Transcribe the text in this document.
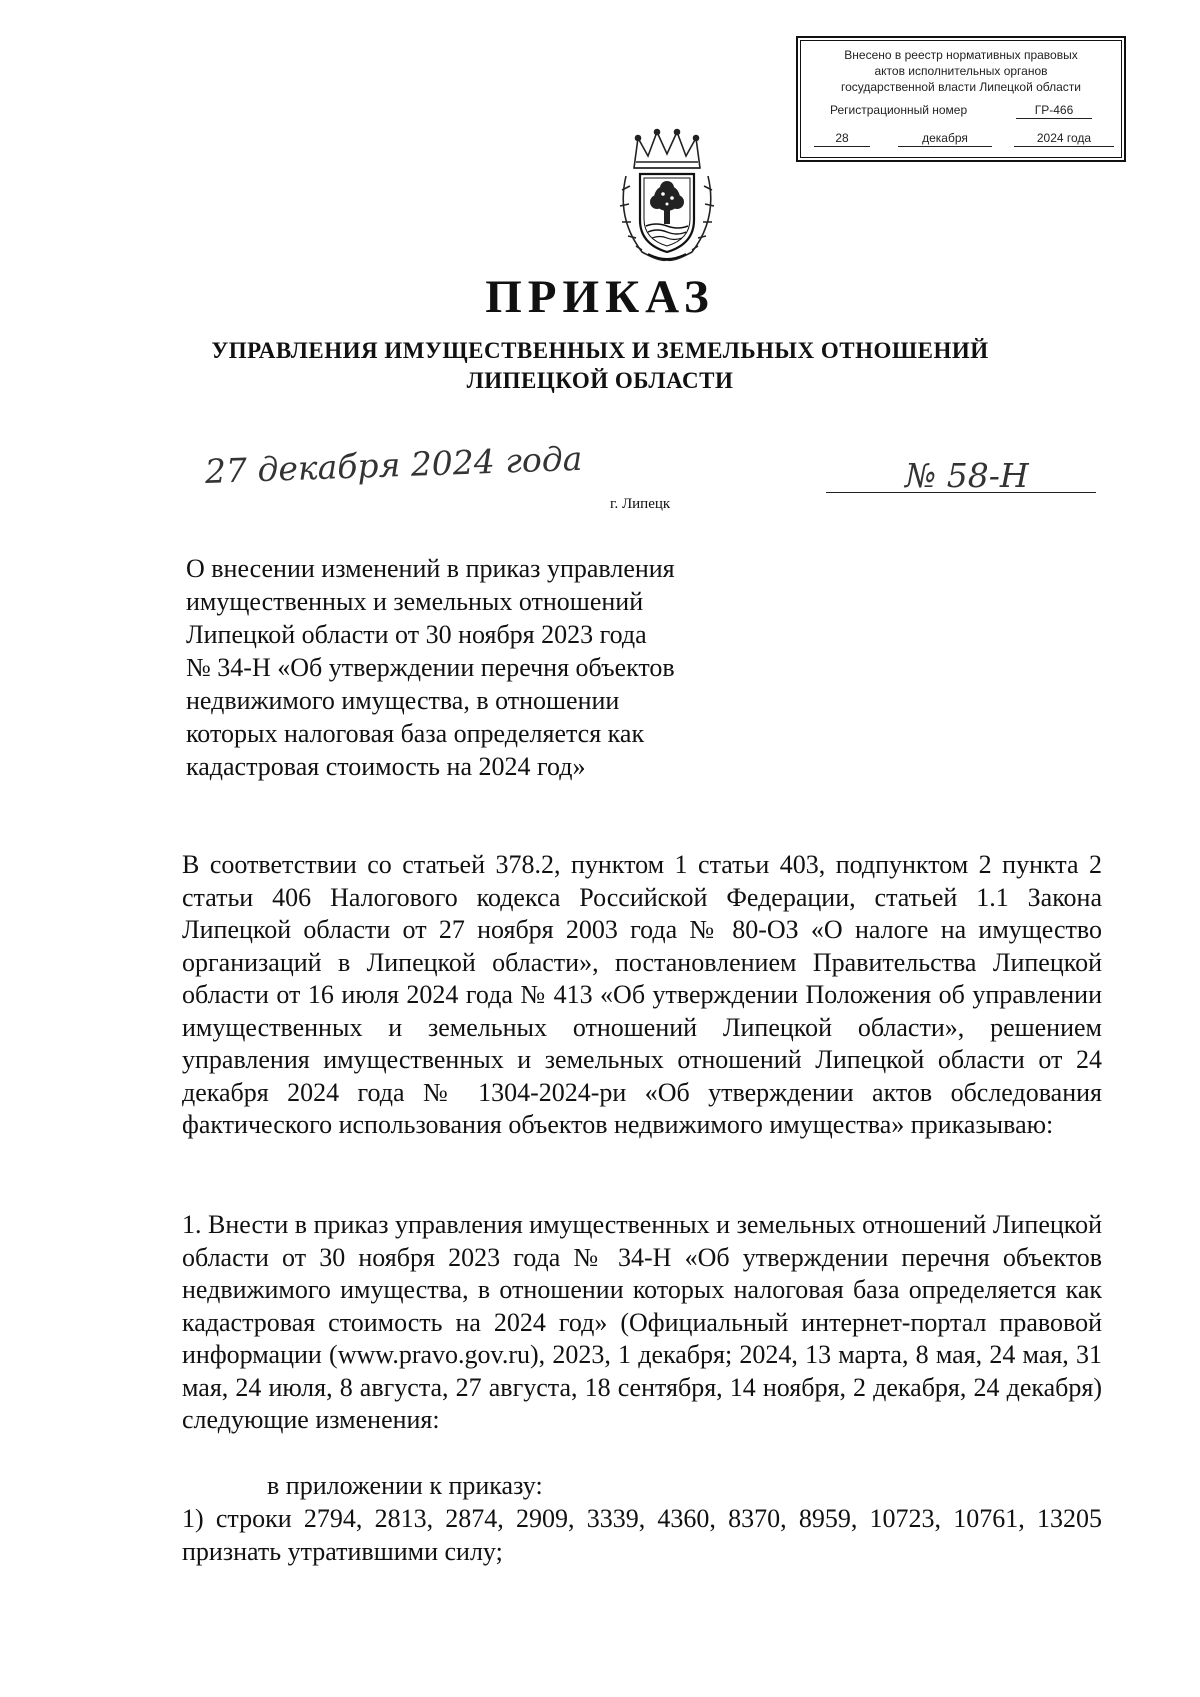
Внесено в реестр нормативных правовых
актов исполнительных органов
государственной власти Липецкой области
Регистрационный номер	ГР-466
28	декабря	2024 года
ПРИКАЗ
УПРАВЛЕНИЯ ИМУЩЕСТВЕННЫХ И ЗЕМЕЛЬНЫХ ОТНОШЕНИЙ
ЛИПЕЦКОЙ ОБЛАСТИ
27 декабря 2024 года	№ 58-Н
г. Липецк
О внесении изменений в приказ управления
имущественных и земельных отношений
Липецкой области от 30 ноября 2023 года
№ 34-Н «Об утверждении перечня объектов
недвижимого имущества, в отношении
которых налоговая база определяется как
кадастровая стоимость на 2024 год»
В соответствии со статьей 378.2, пунктом 1 статьи 403, подпунктом 2 пункта 2 статьи 406 Налогового кодекса Российской Федерации, статьей 1.1 Закона Липецкой области от 27 ноября 2003 года № 80-ОЗ «О налоге на имущество организаций в Липецкой области», постановлением Правительства Липецкой области от 16 июля 2024 года № 413 «Об утверждении Положения об управлении имущественных и земельных отношений Липецкой области», решением управления имущественных и земельных отношений Липецкой области от 24 декабря 2024 года № 1304-2024-ри «Об утверждении актов обследования фактического использования объектов недвижимого имущества» приказываю:
1. Внести в приказ управления имущественных и земельных отношений Липецкой области от 30 ноября 2023 года № 34-Н «Об утверждении перечня объектов недвижимого имущества, в отношении которых налоговая база определяется как кадастровая стоимость на 2024 год» (Официальный интернет-портал правовой информации (www.pravo.gov.ru), 2023, 1 декабря; 2024, 13 марта, 8 мая, 24 мая, 31 мая, 24 июля, 8 августа, 27 августа, 18 сентября, 14 ноября, 2 декабря, 24 декабря) следующие изменения:
в приложении к приказу:
1) строки 2794, 2813, 2874, 2909, 3339, 4360, 8370, 8959, 10723, 10761, 13205 признать утратившими силу;
